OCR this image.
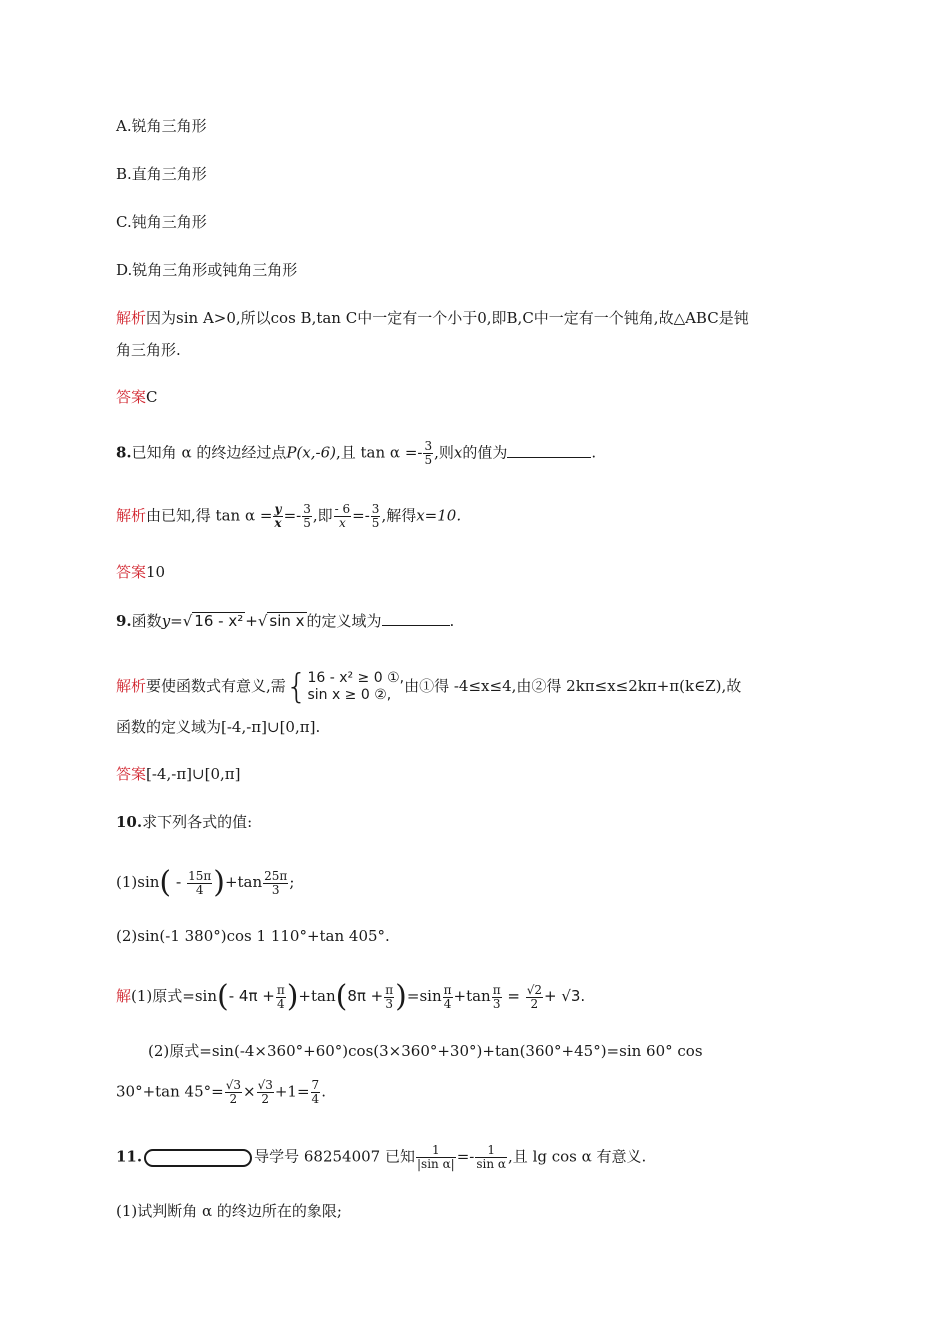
A.锐角三角形
B.直角三角形
C.钝角三角形
D.锐角三角形或钝角三角形
解析因为sin A>0,所以cos B,tan C中一定有一个小于0,即B,C中一定有一个钝角,故△ABC是钝
角三角形.
答案C
8.已知角 α 的终边经过点P(x,-6),且 $\tan \alpha =- \frac{3}{5}$ ,则x的值为	.
解析由已知,得 $\tan \alpha = \frac{y}{x} =- \frac{3}{5}$ ,即 $\frac{- 6}{x} =- \frac{3}{5}$ ,解得x=10.
答案10
9.函数y=√ 16 - x² +√ sin x 的定义域为	.
解析要使函数式有意义,需{ 16 - x² ≥ 0 ①,
sin x ≥ 0 ②, 由①得 -4≤x≤4,由②得 2kπ≤x≤2kπ+π(k∈Z),故
函数的定义域为[-4,-π]∪[0,π].
答案[-4,-π]∪[0,π]
10.求下列各式的值:
$(1)\sin( - \frac{15\pi}{4} )+\tan \frac{25\pi}{3}$ ;
(2)sin(-1 380°)cos 1 110°+tan 405°.
解(1)原式=sin(- $4\pi + \frac{\pi}{4} )+\tan(8\pi + \frac{\pi}{3} )=\sin \frac{\pi}{4} +\tan \frac{\pi}{3} = \frac{√2}{2} + √3$.
(2)原式=sin(-4×360°+60°)cos(3×360°+30°)+tan(360°+45°)=sin 60° cos
30°+tan $45^\circ= \frac{√3}{2} \times \frac{√3}{2} +1= \frac{7}{4}$ .
11.	导学号 68254007 已知 $\frac{1}{\text{|sin α|}} =- \frac{1}{\text{sin α}}$ ,且 lg cos α 有意义.
(1)试判断角 α 的终边所在的象限;
